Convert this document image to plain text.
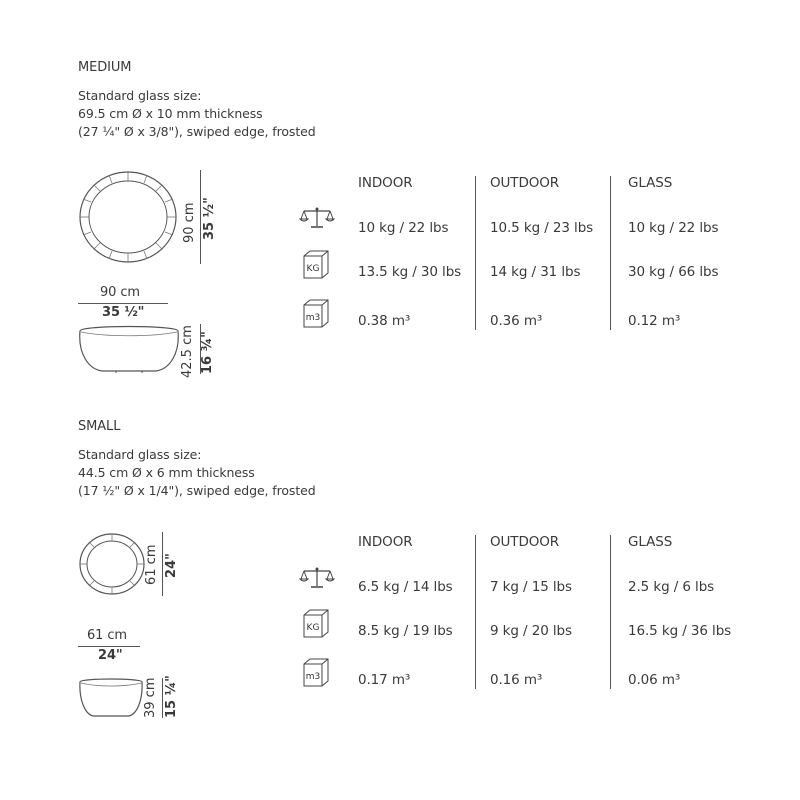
MEDIUM
Standard glass size:
69.5 cm Ø x 10 mm thickness
(27 ¼" Ø x 3/8"), swiped edge, frosted
90 cm 35 ½"
90 cm
35 ½"
42.5 cm 16 ¾"
KG
m3
INDOOR	OUTDOOR	GLASS
10 kg / 22 lbs	10.5 kg / 23 lbs	10 kg / 22 lbs
13.5 kg / 30 lbs 14 kg / 31 lbs	30 kg / 66 lbs
0.38 m³	0.36 m³	0.12 m³
SMALL
Standard glass size:
44.5 cm Ø x 6 mm thickness
(17 ½" Ø x 1/4"), swiped edge, frosted
61 cm 24"
61 cm
24"
39 cm 15 ¼"
KG
m3
INDOOR	OUTDOOR	GLASS
6.5 kg / 14 lbs	7 kg / 15 lbs	2.5 kg / 6 lbs
8.5 kg / 19 lbs	9 kg / 20 lbs	16.5 kg / 36 lbs
0.17 m³	0.16 m³	0.06 m³
